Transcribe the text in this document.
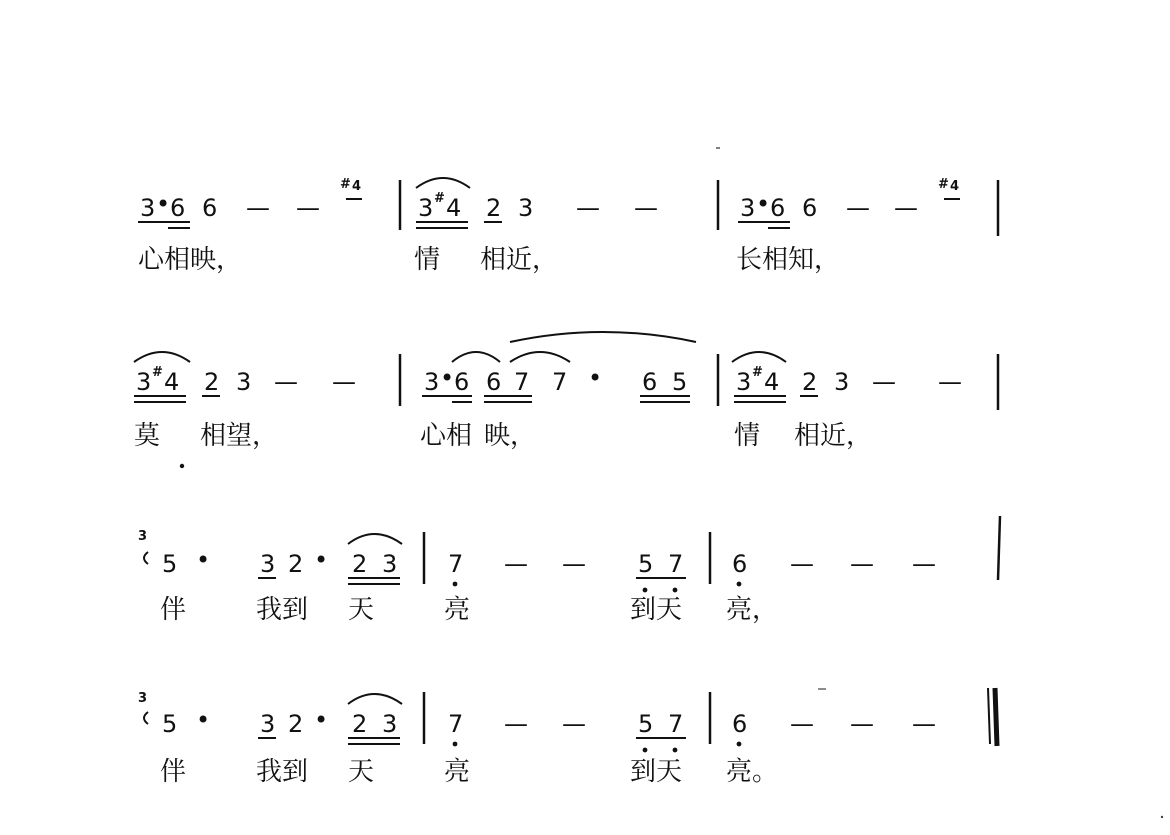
3 • 6 6 — —
# 4
3 # 4 2 3 — —	3 • 6 6 — —
# 4
心相映，	情 相近，	长相知，
3 # 4 2 3 — —	3 • 6 6 7 7 • 6 5 3 # 4 2 3 — —
莫 相望，	心相 映，	情 相近，
3
5 • 3 2 • 2 3 7 — — 5 7 6 — — —
伴	我到 天	亮	到天 亮，
3
5 • 3 2 • 2 3 7 — — 5 7 6 — — —
伴	我到 天	亮	到天 亮。
